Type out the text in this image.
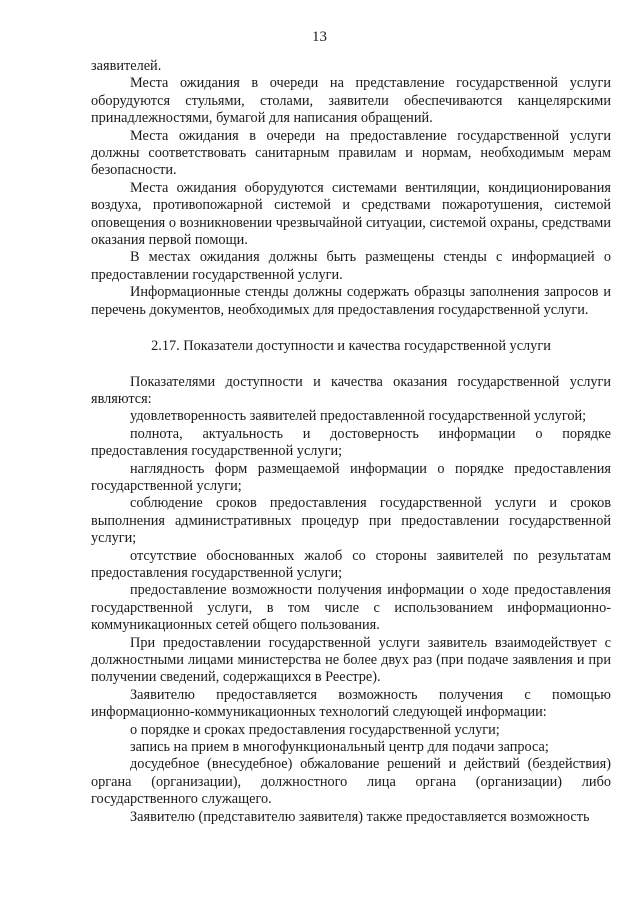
13

заявителей.

Места ожидания в очереди на представление государственной услуги оборудуются стульями, столами, заявители обеспечиваются канцелярскими принадлежностями, бумагой для написания обращений.

Места ожидания в очереди на предоставление государственной услуги должны соответствовать санитарным правилам и нормам, необходимым мерам безопасности.

Места ожидания оборудуются системами вентиляции, кондиционирования воздуха, противопожарной системой и средствами пожаротушения, системой оповещения о возникновении чрезвычайной ситуации, системой охраны, средствами оказания первой помощи.

В местах ожидания должны быть размещены стенды с информацией о предоставлении государственной услуги.

Информационные стенды должны содержать образцы заполнения запросов и перечень документов, необходимых для предоставления государственной услуги.

2.17. Показатели доступности и качества государственной услуги

Показателями доступности и качества оказания государственной услуги являются:

удовлетворенность заявителей предоставленной государственной услугой;

полнота, актуальность и достоверность информации о порядке предоставления государственной услуги;

наглядность форм размещаемой информации о порядке предоставления государственной услуги;

соблюдение сроков предоставления государственной услуги и сроков выполнения административных процедур при предоставлении государственной услуги;

отсутствие обоснованных жалоб со стороны заявителей по результатам предоставления государственной услуги;

предоставление возможности получения информации о ходе предоставления государственной услуги, в том числе с использованием информационно-коммуникационных сетей общего пользования.

При предоставлении государственной услуги заявитель взаимодействует с должностными лицами министерства не более двух раз (при подаче заявления и при получении сведений, содержащихся в Реестре).

Заявителю предоставляется возможность получения с помощью информационно-коммуникационных технологий следующей информации:

о порядке и сроках предоставления государственной услуги;

запись на прием в многофункциональный центр для подачи запроса;

досудебное (внесудебное) обжалование решений и действий (бездействия) органа (организации), должностного лица органа (организации) либо государственного служащего.

Заявителю (представителю заявителя) также предоставляется возможность
